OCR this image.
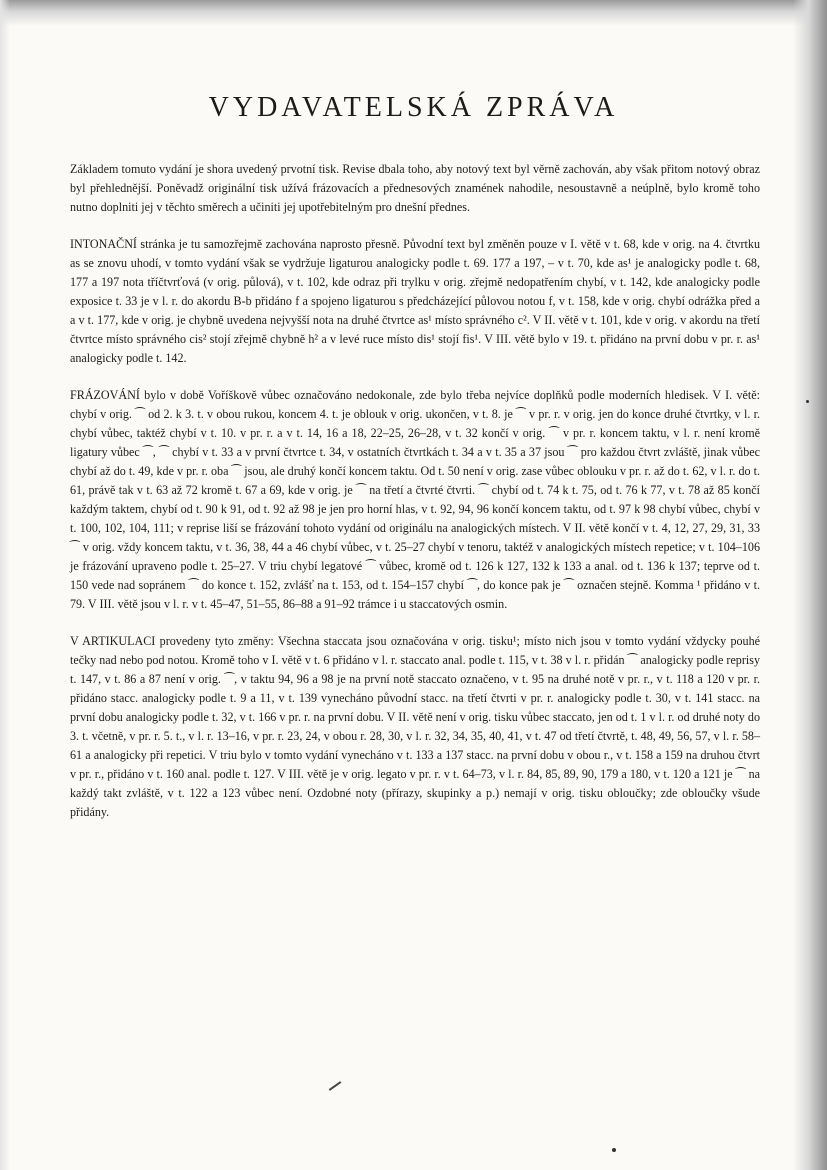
VYDAVATELSKÁ ZPRÁVA

Základem tomuto vydání je shora uvedený prvotní tisk. Revise dbala toho, aby notový text byl věrně zachován, aby však přitom notový obraz byl přehlednější. Poněvadž originální tisk užívá frázovacích a přednesových znamének nahodile, nesoustavně a neúplně, bylo kromě toho nutno doplniti jej v těchto směrech a učiniti jej upotřebitelným pro dnešní přednes.

INTONAČNÍ stránka je tu samozřejmě zachována naprosto přesně. Původní text byl změněn pouze v I. větě v t. 68, kde v orig. na 4. čtvrtku as se znovu uhodí, v tomto vydání však se vydržuje ligaturou analogicky podle t. 69. 177 a 197, – v t. 70, kde as¹ je analogicky podle t. 68, 177 a 197 nota tříčtvrťová (v orig. půlová), v t. 102, kde odraz při trylku v orig. zřejmě nedopatřením chybí, v t. 142, kde analogicky podle exposice t. 33 je v l. r. do akordu B-b přidáno f a spojeno ligaturou s předcházející půlovou notou f, v t. 158, kde v orig. chybí odrážka před a a v t. 177, kde v orig. je chybně uvedena nejvyšší nota na druhé čtvrtce as¹ místo správného c². V II. větě v t. 101, kde v orig. v akordu na třetí čtvrtce místo správného cis² stojí zřejmě chybně h² a v levé ruce místo dis¹ stojí fis¹. V III. větě bylo v 19. t. přidáno na první dobu v pr. r. as¹ analogicky podle t. 142.

FRÁZOVÁNÍ bylo v době Voříškově vůbec označováno nedokonale, zde bylo třeba nejvíce doplňků podle moderních hledisek. V I. větě: chybí v orig. ⁀ od 2. k 3. t. v obou rukou, koncem 4. t. je oblouk v orig. ukončen, v t. 8. je ⁀ v pr. r. v orig. jen do konce druhé čtvrtky, v l. r. chybí vůbec, taktéž chybí v t. 10. v pr. r. a v t. 14, 16 a 18, 22–25, 26–28, v t. 32 končí v orig. ⁀ v pr. r. koncem taktu, v l. r. není kromě ligatury vůbec ⁀, ⁀ chybí v t. 33 a v první čtvrtce t. 34, v ostatních čtvrtkách t. 34 a v t. 35 a 37 jsou ⁀ pro každou čtvrt zvláště, jinak vůbec chybí až do t. 49, kde v pr. r. oba ⁀ jsou, ale druhý končí koncem taktu. Od t. 50 není v orig. zase vůbec oblouku v pr. r. až do t. 62, v l. r. do t. 61, právě tak v t. 63 až 72 kromě t. 67 a 69, kde v orig. je ⁀ na třetí a čtvrté čtvrti. ⁀ chybí od t. 74 k t. 75, od t. 76 k 77, v t. 78 až 85 končí každým taktem, chybí od t. 90 k 91, od t. 92 až 98 je jen pro horní hlas, v t. 92, 94, 96 končí koncem taktu, od t. 97 k 98 chybí vůbec, chybí v t. 100, 102, 104, 111; v reprise liší se frázování tohoto vydání od originálu na analogických místech. V II. větě končí v t. 4, 12, 27, 29, 31, 33 ⁀ v orig. vždy koncem taktu, v t. 36, 38, 44 a 46 chybí vůbec, v t. 25–27 chybí v tenoru, taktéž v analogických místech repetice; v t. 104–106 je frázování upraveno podle t. 25–27. V triu chybí legatové ⁀ vůbec, kromě od t. 126 k 127, 132 k 133 a anal. od t. 136 k 137; teprve od t. 150 vede nad sopránem ⁀ do konce t. 152, zvlášť na t. 153, od t. 154–157 chybí ⁀, do konce pak je ⁀ označen stejně. Komma ¹ přidáno v t. 79. V III. větě jsou v l. r. v t. 45–47, 51–55, 86–88 a 91–92 trámce i u staccatových osmin.

V ARTIKULACI provedeny tyto změny: Všechna staccata jsou označována v orig. tisku¹; místo nich jsou v tomto vydání vždycky pouhé tečky nad nebo pod notou. Kromě toho v I. větě v t. 6 přidáno v l. r. staccato anal. podle t. 115, v t. 38 v l. r. přidán ⁀ analogicky podle reprisy t. 147, v t. 86 a 87 není v orig. ⁀, v taktu 94, 96 a 98 je na první notě staccato označeno, v t. 95 na druhé notě v pr. r., v t. 118 a 120 v pr. r. přidáno stacc. analogicky podle t. 9 a 11, v t. 139 vynecháno původní stacc. na třetí čtvrti v pr. r. analogicky podle t. 30, v t. 141 stacc. na první dobu analogicky podle t. 32, v t. 166 v pr. r. na první dobu. V II. větě není v orig. tisku vůbec staccato, jen od t. 1 v l. r. od druhé noty do 3. t. včetně, v pr. r. 5. t., v l. r. 13–16, v pr. r. 23, 24, v obou r. 28, 30, v l. r. 32, 34, 35, 40, 41, v t. 47 od třetí čtvrtě, t. 48, 49, 56, 57, v l. r. 58–61 a analogicky při repetici. V triu bylo v tomto vydání vynecháno v t. 133 a 137 stacc. na první dobu v obou r., v t. 158 a 159 na druhou čtvrt v pr. r., přidáno v t. 160 anal. podle t. 127. V III. větě je v orig. legato v pr. r. v t. 64–73, v l. r. 84, 85, 89, 90, 179 a 180, v t. 120 a 121 je ⁀ na každý takt zvláště, v t. 122 a 123 vůbec není. Ozdobné noty (přírazy, skupinky a p.) nemají v orig. tisku obloučky; zde obloučky všude přidány.
